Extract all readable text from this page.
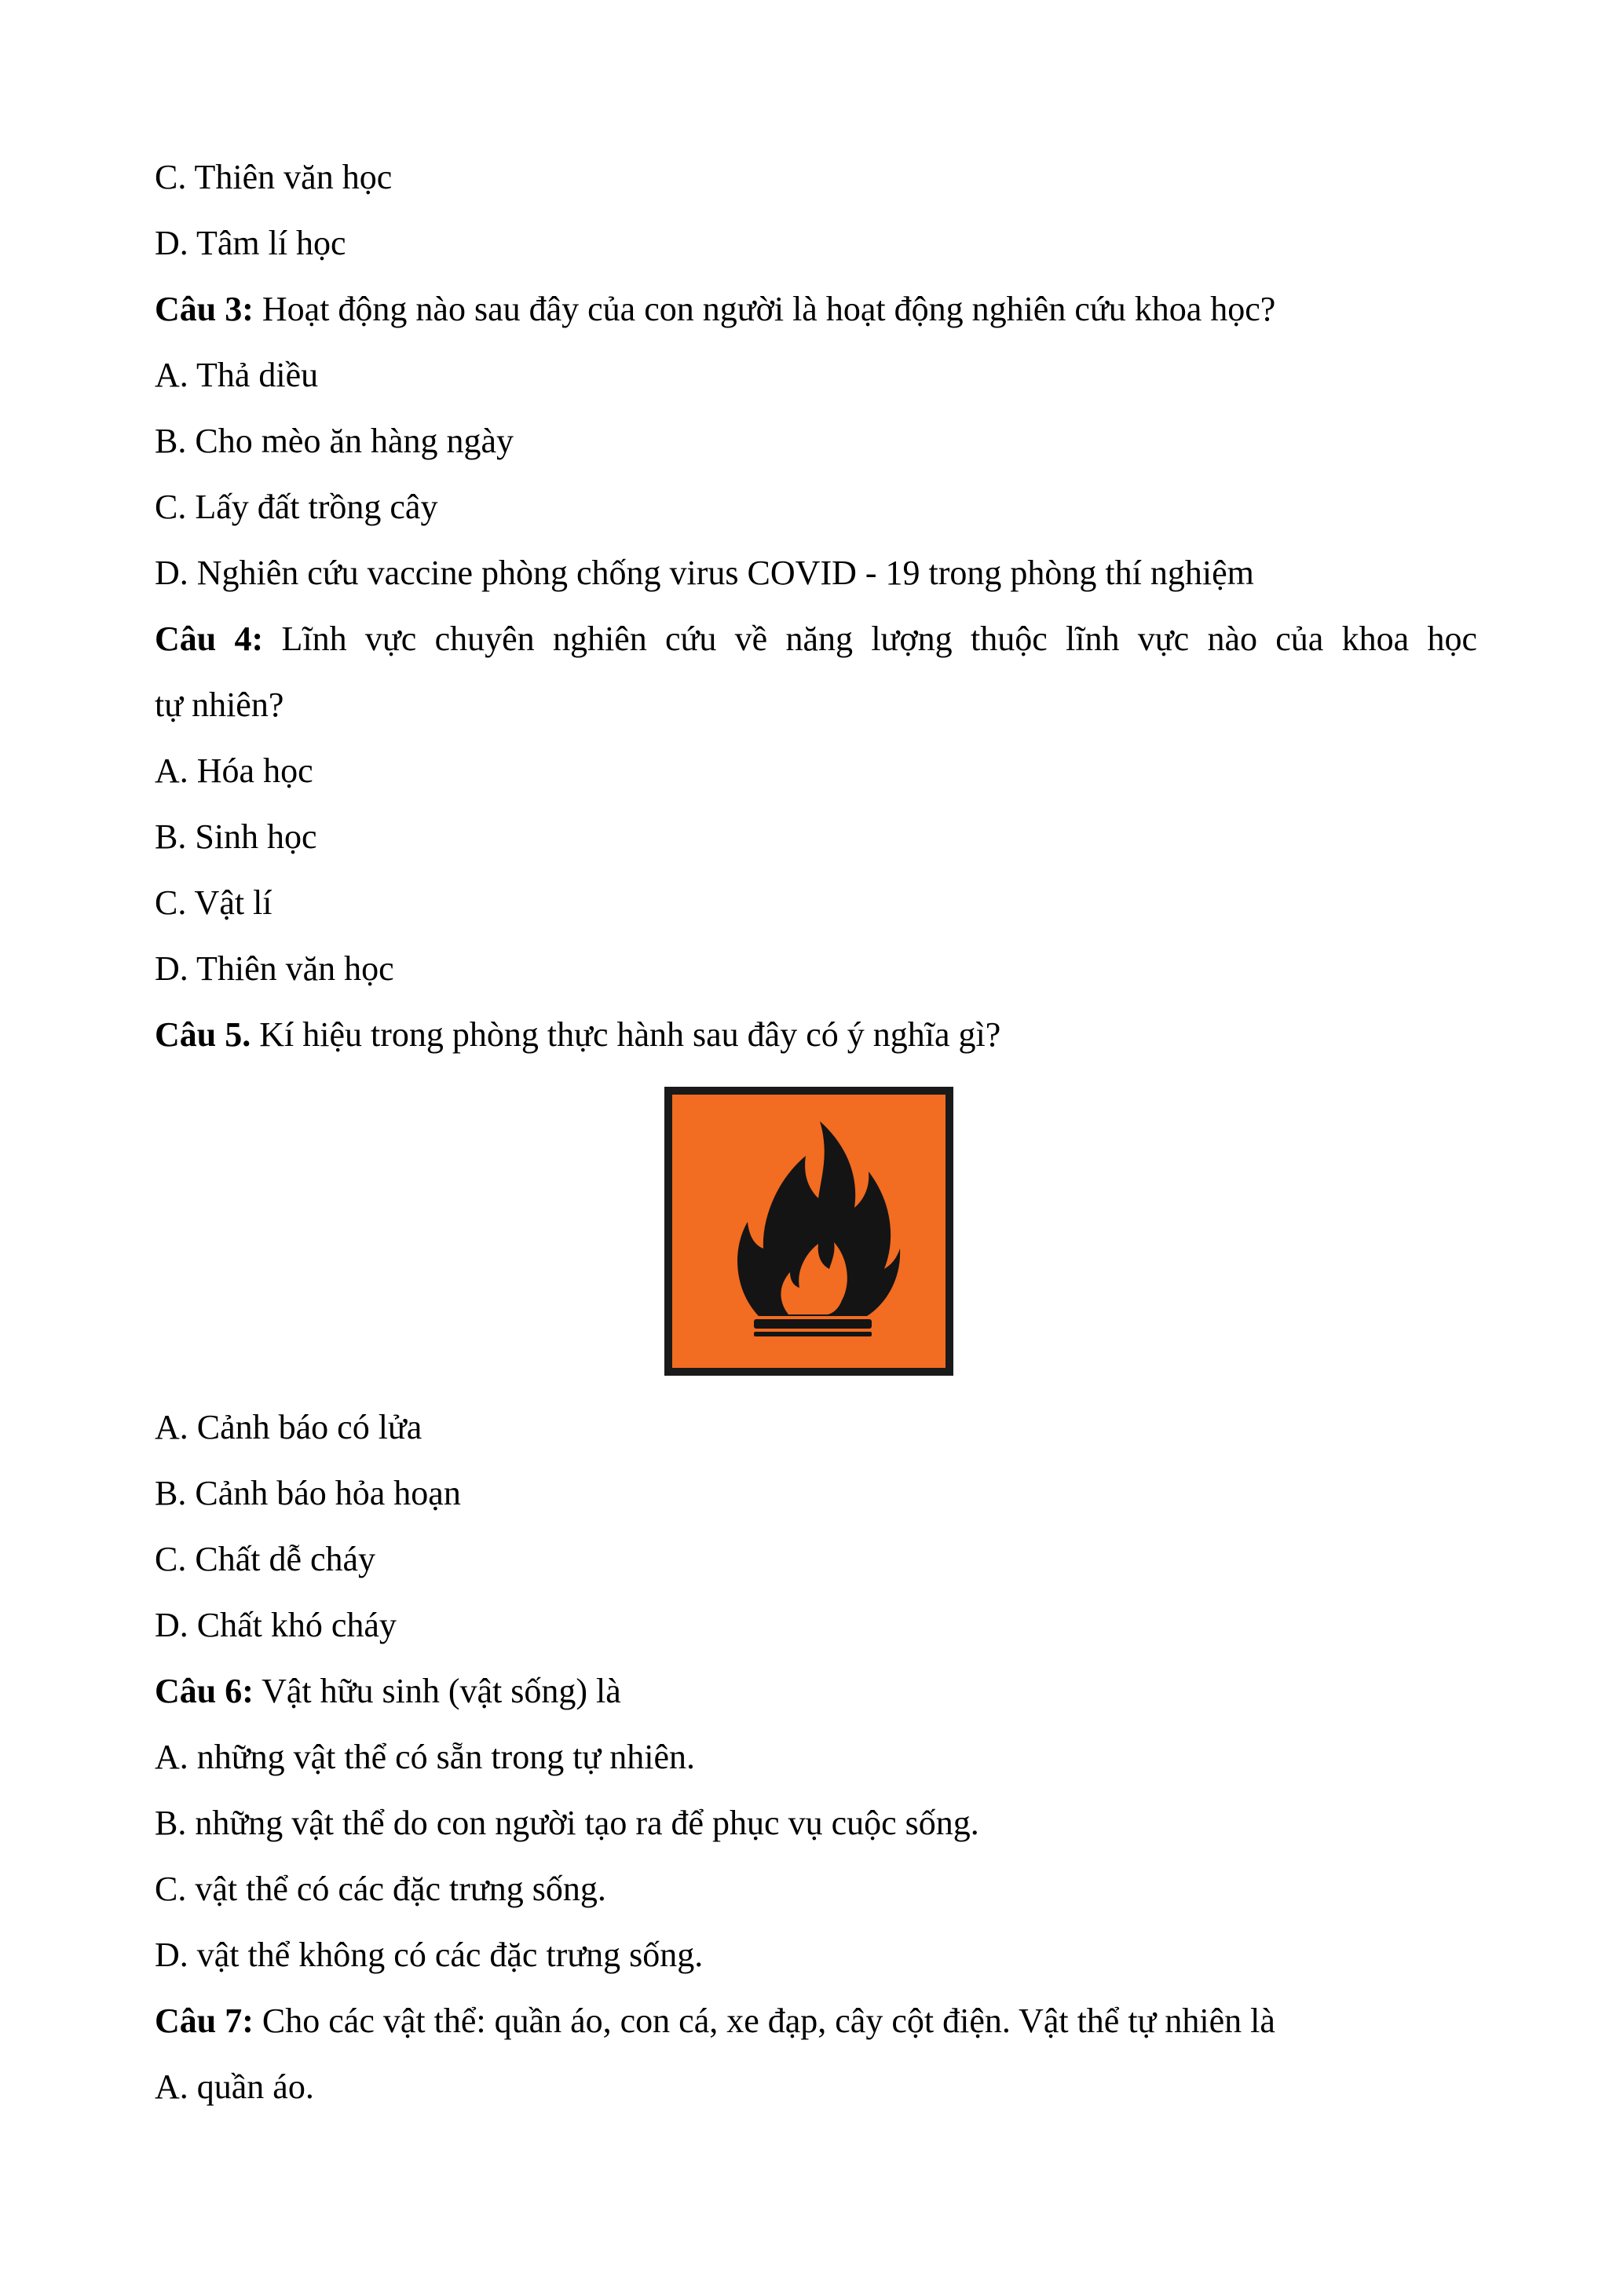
C. Thiên văn học
D. Tâm lí học
Câu 3: Hoạt động nào sau đây của con người là hoạt động nghiên cứu khoa học?
A. Thả diều
B. Cho mèo ăn hàng ngày
C. Lấy đất trồng cây
D. Nghiên cứu vaccine phòng chống virus COVID - 19 trong phòng thí nghiệm
Câu 4: Lĩnh vực chuyên nghiên cứu về năng lượng thuộc lĩnh vực nào của khoa học
tự nhiên?
A. Hóa học
B. Sinh học
C. Vật lí
D. Thiên văn học
Câu 5. Kí hiệu trong phòng thực hành sau đây có ý nghĩa gì?
A. Cảnh báo có lửa
B. Cảnh báo hỏa hoạn
C. Chất dễ cháy
D. Chất khó cháy
Câu 6: Vật hữu sinh (vật sống) là
A. những vật thể có sẵn trong tự nhiên.
B. những vật thể do con người tạo ra để phục vụ cuộc sống.
C. vật thể có các đặc trưng sống.
D. vật thể không có các đặc trưng sống.
Câu 7: Cho các vật thể: quần áo, con cá, xe đạp, cây cột điện. Vật thể tự nhiên là
A. quần áo.
